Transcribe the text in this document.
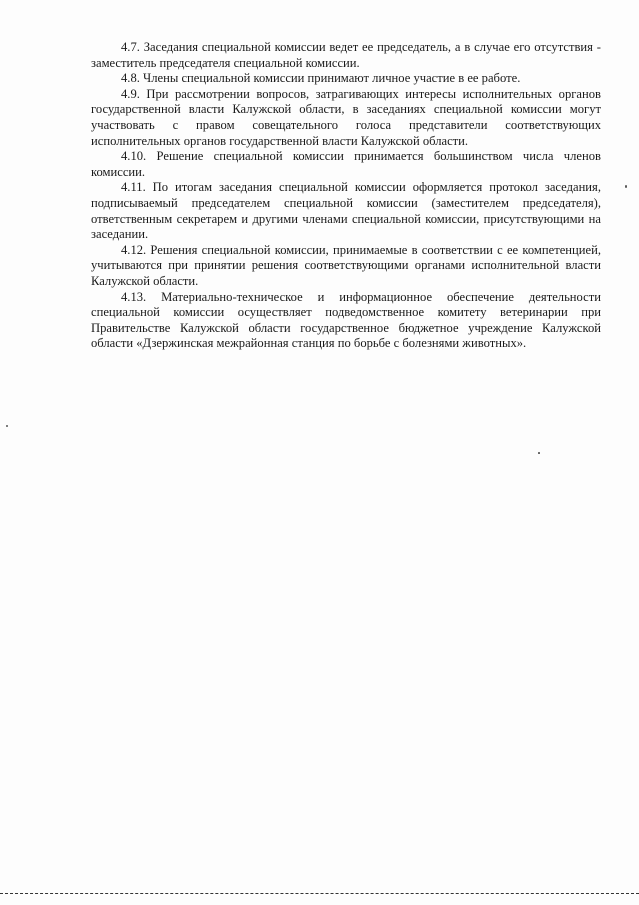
4.7. Заседания специальной комиссии ведет ее председатель, а в случае его отсутствия - заместитель председателя специальной комиссии.

4.8. Члены специальной комиссии принимают личное участие в ее работе.

4.9. При рассмотрении вопросов, затрагивающих интересы исполнительных органов государственной власти Калужской области, в заседаниях специальной комиссии могут участвовать с правом совещательного голоса представители соответствующих исполнительных органов государственной власти Калужской области.

4.10. Решение специальной комиссии принимается большинством числа членов комиссии.

4.11. По итогам заседания специальной комиссии оформляется протокол заседания, подписываемый председателем специальной комиссии (заместителем председателя), ответственным секретарем и другими членами специальной комиссии, присутствующими на заседании.

4.12. Решения специальной комиссии, принимаемые в соответствии с ее компетенцией, учитываются при принятии решения соответствующими органами исполнительной власти Калужской области.

4.13. Материально-техническое и информационное обеспечение деятельности специальной комиссии осуществляет подведомственное комитету ветеринарии при Правительстве Калужской области государственное бюджетное учреждение Калужской области «Дзержинская межрайонная станция по борьбе с болезнями животных».
